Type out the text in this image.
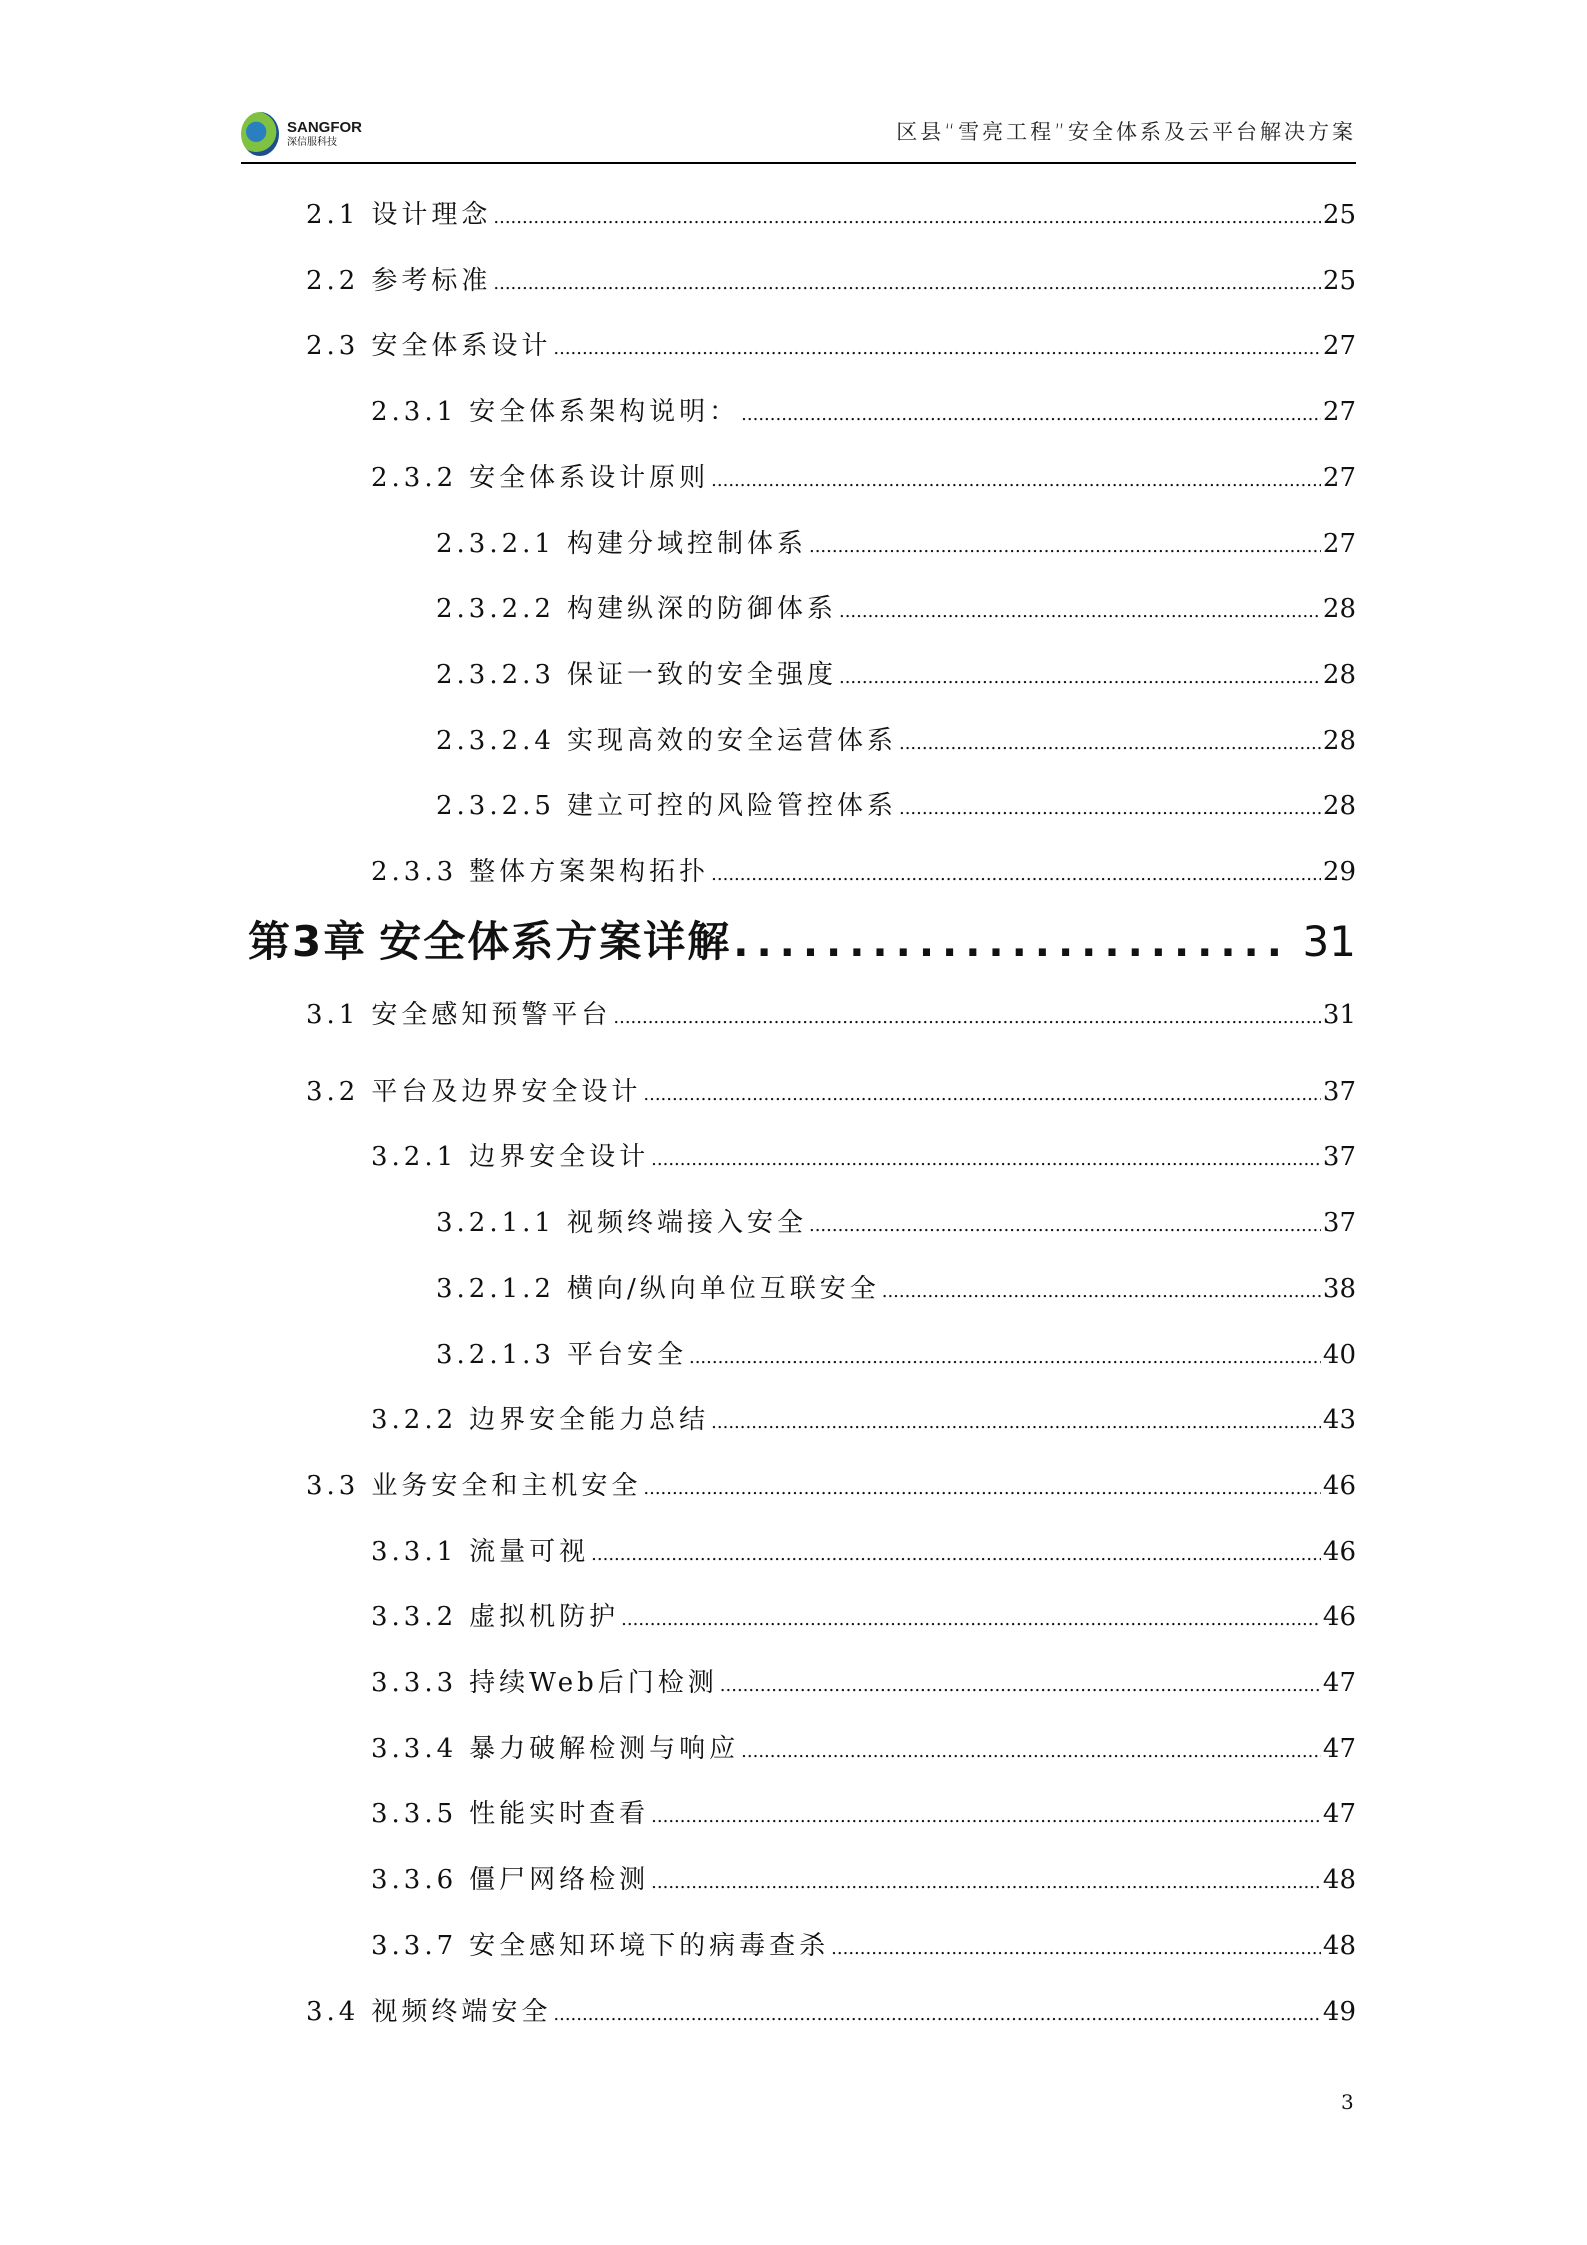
SANGFOR
深信服科技	区县“雪亮工程”安全体系及云平台解决方案
2.1 设计理念 .....	25
2.2 参考标准 .....	25
2.3 安全体系设计 .....	27
2.3.1 安全体系架构说明： .....	27
2.3.2 安全体系设计原则 .....	27
2.3.2.1 构建分域控制体系 .....	27
2.3.2.2 构建纵深的防御体系 .....	28
2.3.2.3 保证一致的安全强度 .....	28
2.3.2.4 实现高效的安全运营体系 .....	28
2.3.2.5 建立可控的风险管控体系 .....	28
2.3.3 整体方案架构拓扑 .....	29
第3章 安全体系方案详解 .....	31
3.1 安全感知预警平台 .....	31
3.2 平台及边界安全设计 .....	37
3.2.1 边界安全设计 .....	37
3.2.1.1 视频终端接入安全 .....	37
3.2.1.2 横向/纵向单位互联安全 .....	38
3.2.1.3 平台安全 .....	40
3.2.2 边界安全能力总结 .....	43
3.3 业务安全和主机安全 .....	46
3.3.1 流量可视 .....	46
3.3.2 虚拟机防护 .....	46
3.3.3 持续Web后门检测 .....	47
3.3.4 暴力破解检测与响应 .....	47
3.3.5 性能实时查看 .....	47
3.3.6 僵尸网络检测 .....	48
3.3.7 安全感知环境下的病毒查杀 .....	48
3.4 视频终端安全 .....	49
3
